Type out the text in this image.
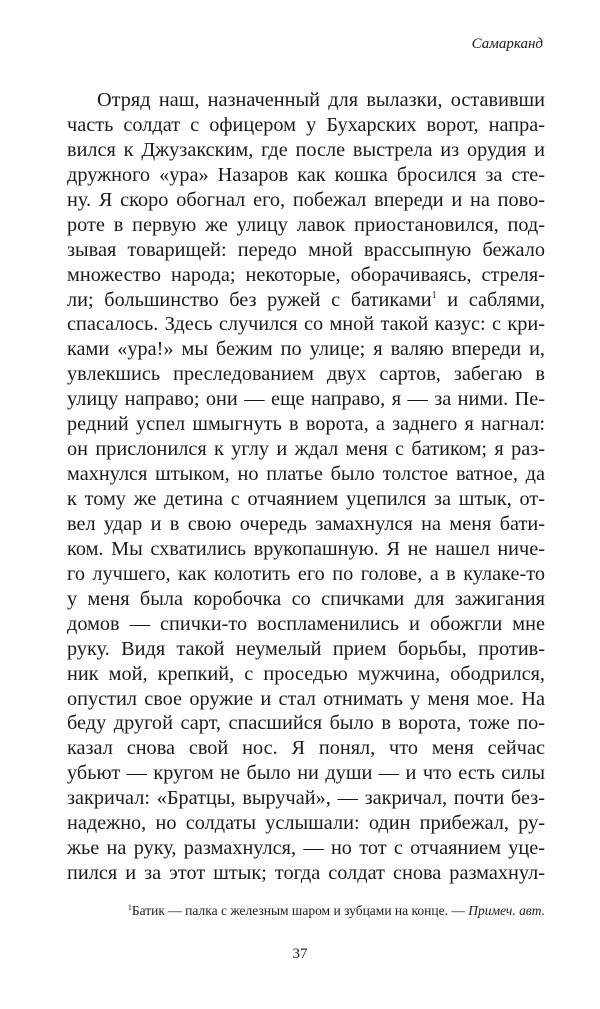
Самарканд
Отряд наш, назначенный для вылазки, оставивши
часть солдат с офицером у Бухарских ворот, напра-
вился к Джузакским, где после выстрела из орудия и
дружного «ура» Назаров как кошка бросился за сте-
ну. Я скоро обогнал его, побежал впереди и на пово-
роте в первую же улицу лавок приостановился, под-
зывая товарищей: передо мной врассыпную бежало
множество народа; некоторые, оборачиваясь, стреля-
ли; большинство без ружей с батиками$^1$ и саблями,
спасалось. Здесь случился со мной такой казус: с кри-
ками «ура!» мы бежим по улице; я валяю впереди и,
увлекшись преследованием двух сартов, забегаю в
улицу направо; они — еще направо, я — за ними. Пе-
редний успел шмыгнуть в ворота, а заднего я нагнал:
он прислонился к углу и ждал меня с батиком; я раз-
махнулся штыком, но платье было толстое ватное, да
к тому же детина с отчаянием уцепился за штык, от-
вел удар и в свою очередь замахнулся на меня бати-
ком. Мы схватились врукопашную. Я не нашел ниче-
го лучшего, как колотить его по голове, а в кулаке-то
у меня была коробочка со спичками для зажигания
домов — спички-то воспламенились и обожгли мне
руку. Видя такой неумелый прием борьбы, против-
ник мой, крепкий, с проседью мужчина, ободрился,
опустил свое оружие и стал отнимать у меня мое. На
беду другой сарт, спасшийся было в ворота, тоже по-
казал снова свой нос. Я понял, что меня сейчас
убьют — кругом не было ни души — и что есть силы
закричал: «Братцы, выручай», — закричал, почти без-
надежно, но солдаты услышали: один прибежал, ру-
жье на руку, размахнулся, — но тот с отчаянием уце-
пился и за этот штык; тогда солдат снова размахнул-
$^1$Батик — палка с железным шаром и зубцами на конце. — Примеч. авт.
37
